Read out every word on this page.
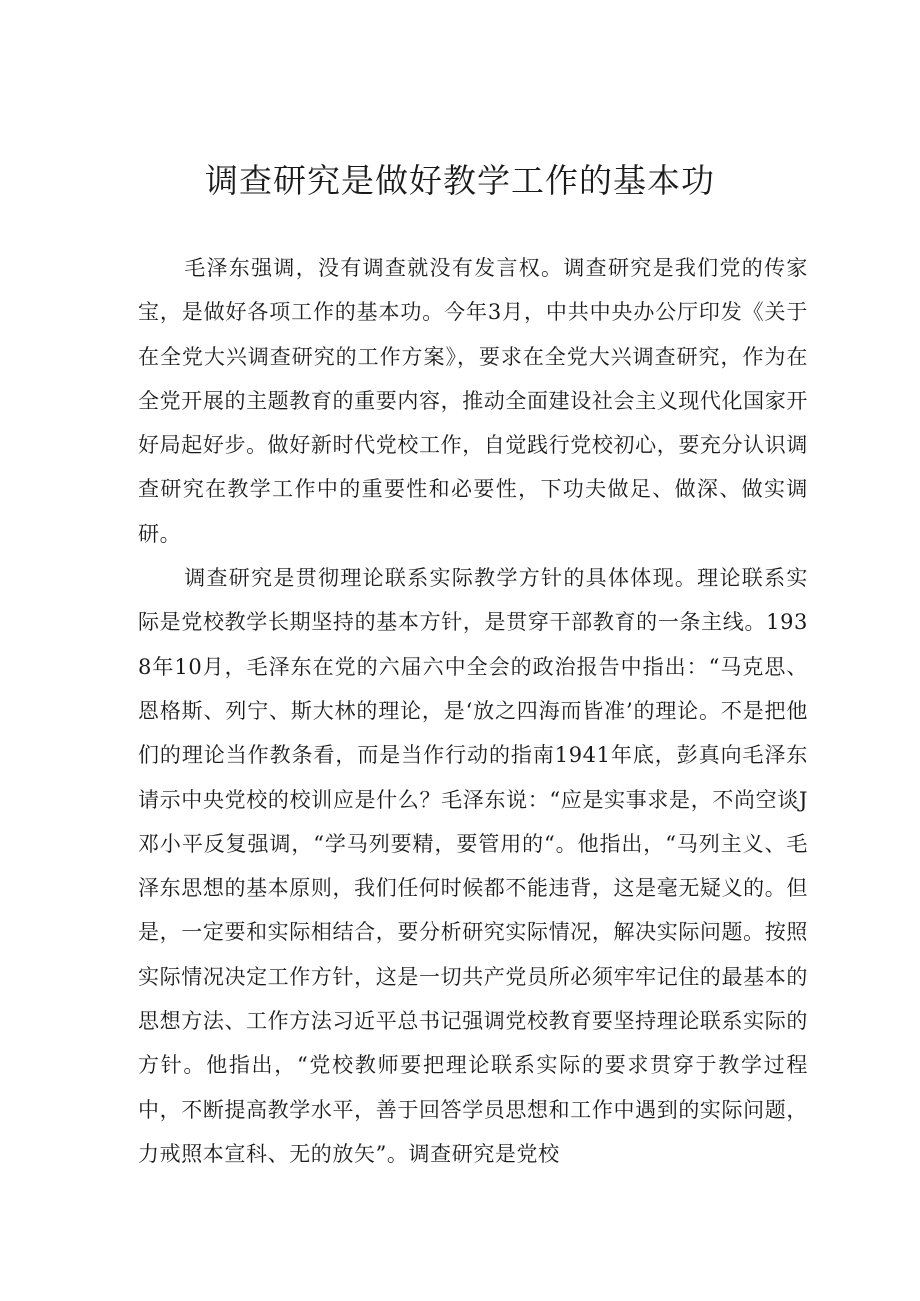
调查研究是做好教学工作的基本功

毛泽东强调，没有调查就没有发言权。调查研究是我们党的传家宝，是做好各项工作的基本功。今年3月，中共中央办公厅印发《关于在全党大兴调查研究的工作方案》，要求在全党大兴调查研究，作为在全党开展的主题教育的重要内容，推动全面建设社会主义现代化国家开好局起好步。做好新时代党校工作，自觉践行党校初心，要充分认识调查研究在教学工作中的重要性和必要性，下功夫做足、做深、做实调研。

调查研究是贯彻理论联系实际教学方针的具体体现。理论联系实际是党校教学长期坚持的基本方针，是贯穿干部教育的一条主线。1938年10月，毛泽东在党的六届六中全会的政治报告中指出：“马克思、恩格斯、列宁、斯大林的理论，是‘放之四海而皆准’的理论。不是把他们的理论当作教条看，而是当作行动的指南1941年底，彭真向毛泽东请示中央党校的校训应是什么？毛泽东说：“应是实事求是，不尚空谈J邓小平反复强调，“学马列要精，要管用的“。他指出，“马列主义、毛泽东思想的基本原则，我们任何时候都不能违背，这是毫无疑义的。但是，一定要和实际相结合，要分析研究实际情况，解决实际问题。按照实际情况决定工作方针，这是一切共产党员所必须牢牢记住的最基本的思想方法、工作方法习近平总书记强调党校教育要坚持理论联系实际的方针。他指出，“党校教师要把理论联系实际的要求贯穿于教学过程中，不断提高教学水平，善于回答学员思想和工作中遇到的实际问题，力戒照本宣科、无的放矢”。调查研究是党校
